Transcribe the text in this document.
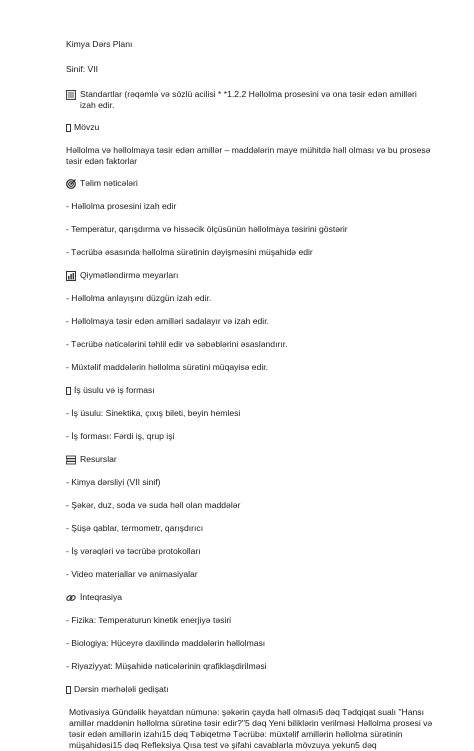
Kimya Dərs Planı

Sinif: VII

Standartlar (rəqəmlə və sözlü acilisi * *1.2.2 Həllolma prosesini və ona təsir edən amilləri izah edir.
Mövzu

Həllolma və həllolmaya təsir edən amillər – maddələrin maye mühitdə həll olması və bu prosesə təsir edən faktorlar

Təlim nəticələri

- Həllolma prosesini izah edir

- Temperatur, qarışdırma və hissəcik ölçüsünün həllolmaya təsirini göstərir

- Təcrübə əsasında həllolma sürətinin dəyişməsini müşahidə edir

Qiymətləndirmə meyarları

- Həllolma anlayışını düzgün izah edir.

- Həllolmaya təsir edən amilləri sadalayır və izah edir.

- Təcrübə nəticələrini təhlil edir və səbəblərini əsaslandırır.

- Müxtəlif maddələrin həllolma sürətini müqayisə edir.

İş üsulu və iş forması

- İş üsulu: Sinektika, çıxış bileti, beyin hemlesi

- İş forması: Fərdi iş, qrup işi

Resurslar

- Kimya dərsliyi (VII sinif)

- Şəkər, duz, soda və suda həll olan maddələr

- Şüşə qablar, termometr, qarışdırıcı

- İş vərəqləri və təcrübə protokolları

- Video materiallar və animasiyalar

İnteqrasiya

- Fizika: Temperaturun kinetik enerjiyə təsiri

- Biologiya: Hüceyrə daxilində maddələrin həllolması

- Riyaziyyat: Müşahidə nəticələrinin qrafikləşdirilməsi

Dərsin mərhələli gedişatı

Motivasiya Gündəlik həyatdan nümunə: şəkərin çayda həll olması5 dəq Tədqiqat sualı "Hansı amillər maddənin həllolma sürətinə təsir edir?"5 dəq Yeni biliklərin verilməsi Həllolma prosesi və təsir edən amillərin izahı15 dəq Təbiqetmə Təcrübə: müxtəlif amillərin həllolma sürətinin müşahidəsi15 dəq Refleksiya Qısa test və şifahi cavablarla mövzuya yekun5 dəq
